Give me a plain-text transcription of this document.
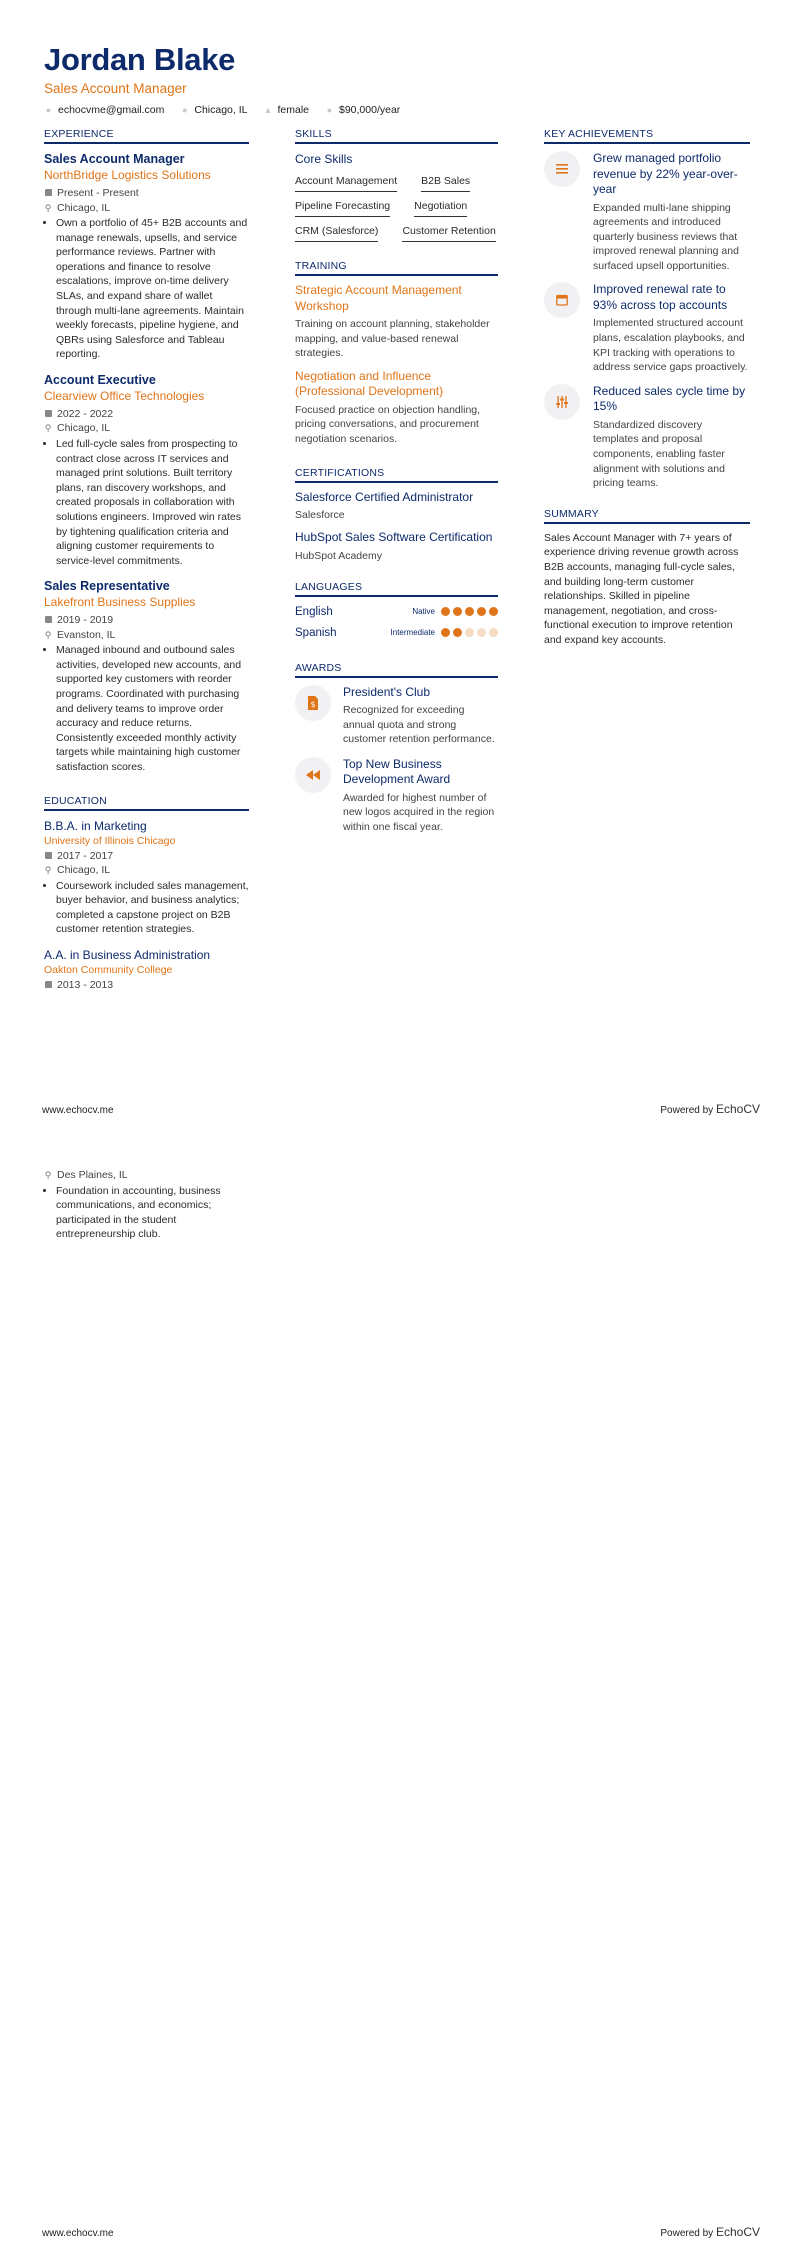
Jordan Blake
Sales Account Manager
● echocvme@gmail.com ● Chicago, IL ▲ female ● $90,000/year
EXPERIENCE
Sales Account Manager
NorthBridge Logistics Solutions
Present - Present
⚲ Chicago, IL
• Own a portfolio of 45+ B2B accounts and manage renewals, upsells, and service performance reviews. Partner with operations and finance to resolve escalations, improve on-time delivery SLAs, and expand share of wallet through multi-lane agreements. Maintain weekly forecasts, pipeline hygiene, and QBRs using Salesforce and Tableau reporting.
Account Executive
Clearview Office Technologies
2022 - 2022
⚲ Chicago, IL
• Led full-cycle sales from prospecting to contract close across IT services and managed print solutions. Built territory plans, ran discovery workshops, and created proposals in collaboration with solutions engineers. Improved win rates by tightening qualification criteria and aligning customer requirements to service-level commitments.
Sales Representative
Lakefront Business Supplies
2019 - 2019
⚲ Evanston, IL
• Managed inbound and outbound sales activities, developed new accounts, and supported key customers with reorder programs. Coordinated with purchasing and delivery teams to improve order accuracy and reduce returns. Consistently exceeded monthly activity targets while maintaining high customer satisfaction scores.
EDUCATION
B.B.A. in Marketing
University of Illinois Chicago
2017 - 2017
⚲ Chicago, IL
• Coursework included sales management, buyer behavior, and business analytics; completed a capstone project on B2B customer retention strategies.
A.A. in Business Administration
Oakton Community College
2013 - 2013
SKILLS
Core Skills
Account Management B2B Sales
Pipeline Forecasting Negotiation
CRM (Salesforce) Customer Retention
TRAINING
Strategic Account Management Workshop
Training on account planning, stakeholder mapping, and value-based renewal strategies.
Negotiation and Influence (Professional Development)
Focused practice on objection handling, pricing conversations, and procurement negotiation scenarios.
CERTIFICATIONS
Salesforce Certified Administrator
Salesforce
HubSpot Sales Software Certification
HubSpot Academy
LANGUAGES
English	Native
Spanish	Intermediate
AWARDS
$
President's Club
Recognized for exceeding annual quota and strong customer retention performance.
Top New Business Development Award
Awarded for highest number of new logos acquired in the region within one fiscal year.
KEY ACHIEVEMENTS
Grew managed portfolio revenue by 22% year-over-year
Expanded multi-lane shipping agreements and introduced quarterly business reviews that improved renewal planning and surfaced upsell opportunities.
Improved renewal rate to 93% across top accounts
Implemented structured account plans, escalation playbooks, and KPI tracking with operations to address service gaps proactively.
Reduced sales cycle time by 15%
Standardized discovery templates and proposal components, enabling faster alignment with solutions and pricing teams.
SUMMARY
Sales Account Manager with 7+ years of experience driving revenue growth across B2B accounts, managing full-cycle sales, and building long-term customer relationships. Skilled in pipeline management, negotiation, and cross-functional execution to improve retention and expand key accounts.
www.echocv.me	Powered by EchoCV
⚲ Des Plaines, IL
• Foundation in accounting, business communications, and economics; participated in the student entrepreneurship club.
www.echocv.me	Powered by EchoCV
